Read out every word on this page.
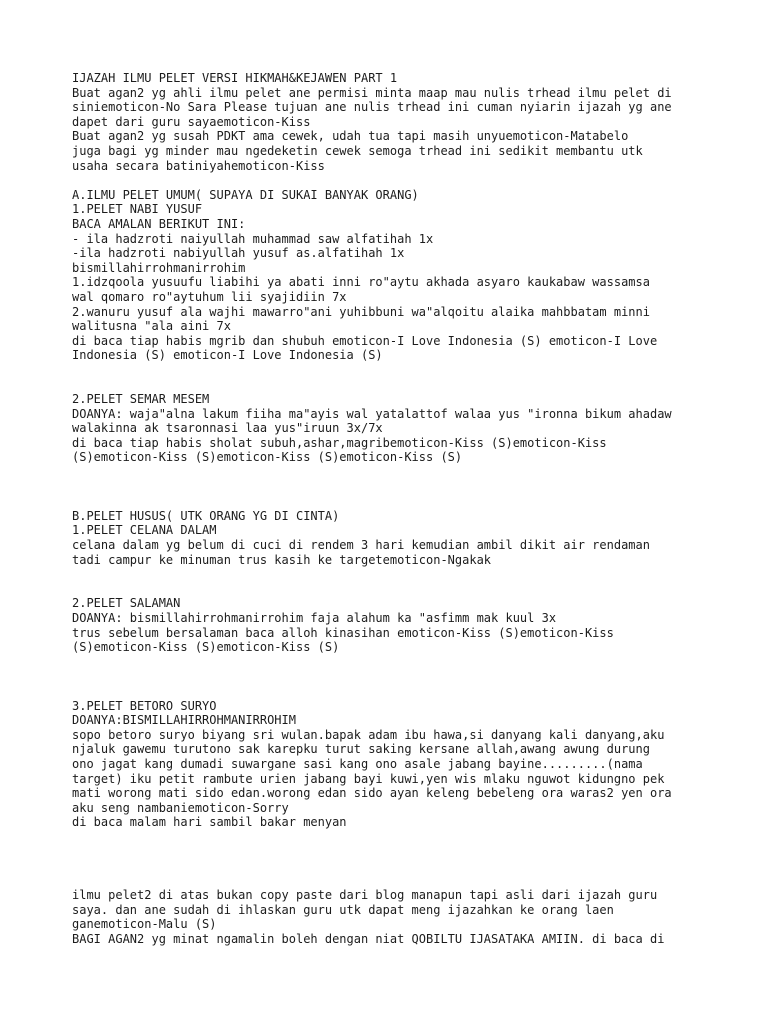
IJAZAH ILMU PELET VERSI HIKMAH&KEJAWEN PART 1
Buat agan2 yg ahli ilmu pelet ane permisi minta maap mau nulis trhead ilmu pelet di
siniemoticon-No Sara Please tujuan ane nulis trhead ini cuman nyiarin ijazah yg ane
dapet dari guru sayaemoticon-Kiss
Buat agan2 yg susah PDKT ama cewek, udah tua tapi masih unyuemoticon-Matabelo
juga bagi yg minder mau ngedeketin cewek semoga trhead ini sedikit membantu utk
usaha secara batiniyahemoticon-Kiss
A.ILMU PELET UMUM( SUPAYA DI SUKAI BANYAK ORANG)
1.PELET NABI YUSUF
BACA AMALAN BERIKUT INI:
- ila hadzroti naiyullah muhammad saw alfatihah 1x
-ila hadzroti nabiyullah yusuf as.alfatihah 1x
bismillahirrohmanirrohim
1.idzqoola yusuufu liabihi ya abati inni ro"aytu akhada asyaro kaukabaw wassamsa
wal qomaro ro"aytuhum lii syajidiin 7x
2.wanuru yusuf ala wajhi mawarro"ani yuhibbuni wa"alqoitu alaika mahbbatam minni
walitusna "ala aini 7x
di baca tiap habis mgrib dan shubuh emoticon-I Love Indonesia (S) emoticon-I Love
Indonesia (S) emoticon-I Love Indonesia (S)
2.PELET SEMAR MESEM
DOANYA: waja"alna lakum fiiha ma"ayis wal yatalattof walaa yus "ironna bikum ahadaw
walakinna ak tsaronnasi laa yus"iruun 3x/7x
di baca tiap habis sholat subuh,ashar,magribemoticon-Kiss (S)emoticon-Kiss
(S)emoticon-Kiss (S)emoticon-Kiss (S)emoticon-Kiss (S)
B.PELET HUSUS( UTK ORANG YG DI CINTA)
1.PELET CELANA DALAM
celana dalam yg belum di cuci di rendem 3 hari kemudian ambil dikit air rendaman
tadi campur ke minuman trus kasih ke targetemoticon-Ngakak
2.PELET SALAMAN
DOANYA: bismillahirrohmanirrohim faja alahum ka "asfimm mak kuul 3x
trus sebelum bersalaman baca alloh kinasihan emoticon-Kiss (S)emoticon-Kiss
(S)emoticon-Kiss (S)emoticon-Kiss (S)
3.PELET BETORO SURYO
DOANYA:BISMILLAHIRROHMANIRROHIM
sopo betoro suryo biyang sri wulan.bapak adam ibu hawa,si danyang kali danyang,aku
njaluk gawemu turutono sak karepku turut saking kersane allah,awang awung durung
ono jagat kang dumadi suwargane sasi kang ono asale jabang bayine.........(nama
target) iku petit rambute urien jabang bayi kuwi,yen wis mlaku nguwot kidungno pek
mati worong mati sido edan.worong edan sido ayan keleng bebeleng ora waras2 yen ora
aku seng nambaniemoticon-Sorry
di baca malam hari sambil bakar menyan
ilmu pelet2 di atas bukan copy paste dari blog manapun tapi asli dari ijazah guru
saya. dan ane sudah di ihlaskan guru utk dapat meng ijazahkan ke orang laen
ganemoticon-Malu (S)
BAGI AGAN2 yg minat ngamalin boleh dengan niat QOBILTU IJASATAKA AMIIN. di baca di
